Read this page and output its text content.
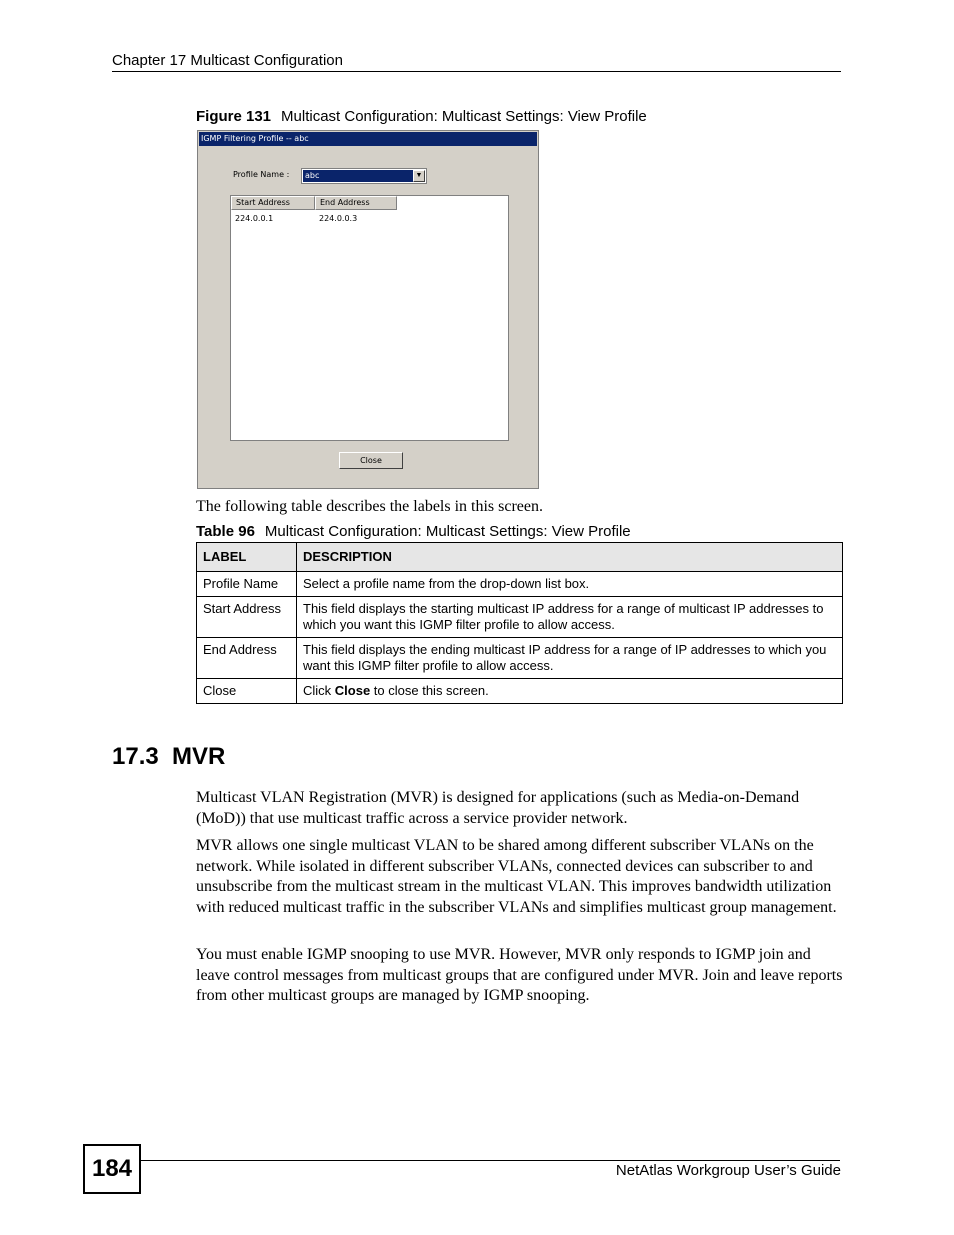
Chapter 17 Multicast Configuration
Figure 131 Multicast Configuration: Multicast Settings: View Profile
IGMP Filtering Profile -- abc
Profile Name : abc	▼
Start Address	End Address
224.0.0.1	224.0.0.3
Close
The following table describes the labels in this screen.
Table 96 Multicast Configuration: Multicast Settings: View Profile
LABEL	DESCRIPTION
Profile Name	Select a profile name from the drop-down list box.
Start Address	This field displays the starting multicast IP address for a range of multicast IP addresses to which you want this IGMP filter profile to allow access.
End Address	This field displays the ending multicast IP address for a range of IP addresses to which you want this IGMP filter profile to allow access.
Close	Click Close to close this screen.
17.3  MVR
Multicast VLAN Registration (MVR) is designed for applications (such as Media-on-Demand (MoD)) that use multicast traffic across a service provider network.
MVR allows one single multicast VLAN to be shared among different subscriber VLANs on the network. While isolated in different subscriber VLANs, connected devices can subscriber to and unsubscribe from the multicast stream in the multicast VLAN. This improves bandwidth utilization with reduced multicast traffic in the subscriber VLANs and simplifies multicast group management.
You must enable IGMP snooping to use MVR. However, MVR only responds to IGMP join and leave control messages from multicast groups that are configured under MVR. Join and leave reports from other multicast groups are managed by IGMP snooping.
184	NetAtlas Workgroup User’s Guide
